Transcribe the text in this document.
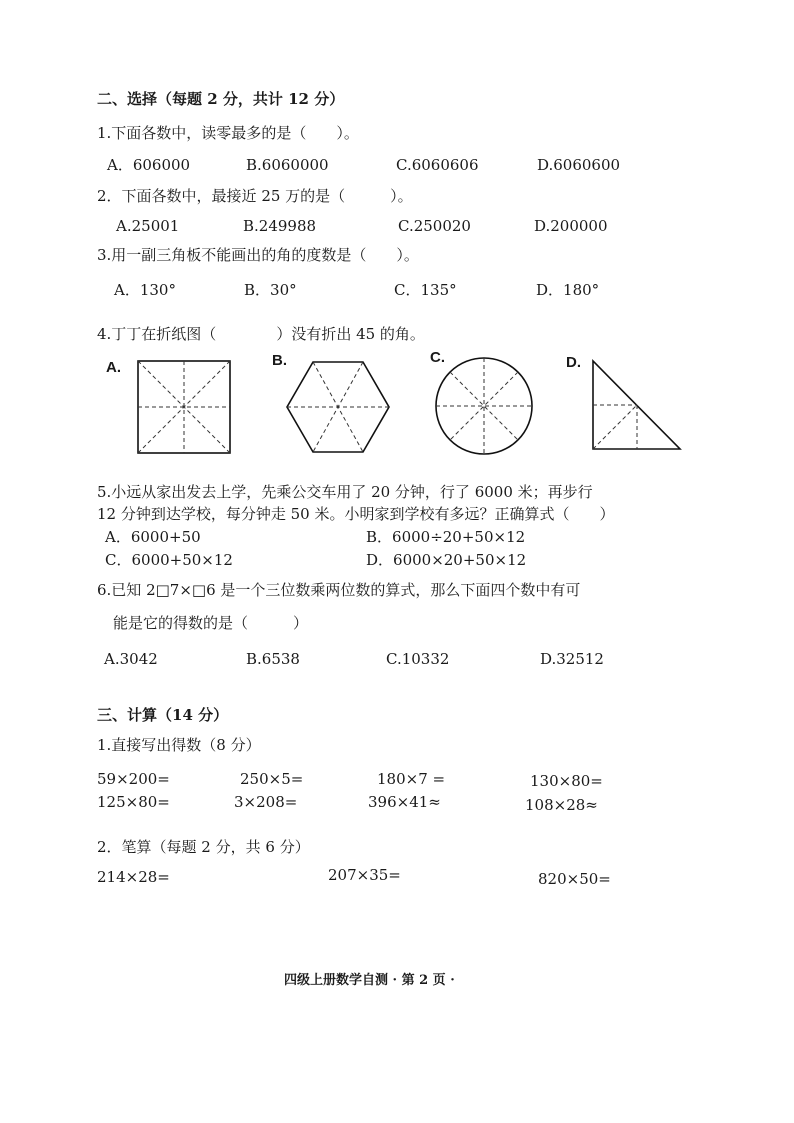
二、选择（每题 2 分，共计 12 分）
1.下面各数中，读零最多的是（　　）。
A．606000	B.6060000	C.6060606	D.6060600
2．下面各数中，最接近 25 万的是（　　　）。
A.25001	B.249988	C.250020	D.200000
3.用一副三角板不能画出的角的度数是（　　）。
A．130°	B．30°	C．135°	D．180°
4.丁丁在折纸图（　　　　）没有折出 45 的角。
A.	B.	C.	D.
5.小远从家出发去上学，先乘公交车用了 20 分钟，行了 6000 米；再步行
12 分钟到达学校，每分钟走 50 米。小明家到学校有多远？正确算式（　　）
A．6000+50	B．6000÷20+50×12
C．6000+50×12	D．6000×20+50×12
6.已知 2□7×□6 是一个三位数乘两位数的算式，那么下面四个数中有可
能是它的得数的是（　　　）
A.3042	B.6538	C.10332	D.32512
三、计算（14 分）
1.直接写出得数（8 分）
59×200=	250×5=	180×7 =	130×80=
125×80=	3×208=	396×41≈	108×28≈
2．笔算（每题 2 分，共 6 分）
214×28=	207×35=	820×50=
四级上册数学自测 · 第 2 页 ·
